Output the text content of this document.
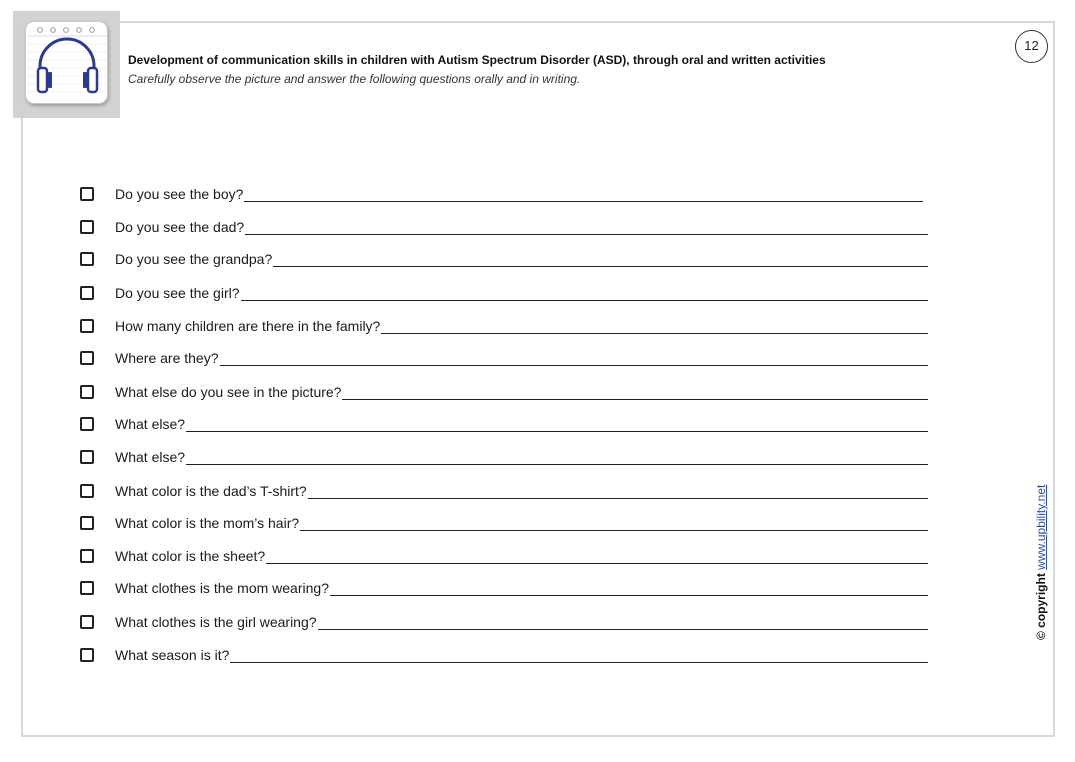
Development of communication skills in children with Autism Spectrum Disorder (ASD), through oral and written activities
Carefully observe the picture and answer the following questions orally and in writing.
12
Do you see the boy?
Do you see the dad?
Do you see the grandpa?
Do you see the girl?
How many children are there in the family?
Where are they?
What else do you see in the picture?
What else?
What else?
What color is the dad’s T-shirt?
What color is the mom’s hair?
What color is the sheet?
What clothes is the mom wearing?
What clothes is the girl wearing?
What season is it?
© copyright www.upbility.net
